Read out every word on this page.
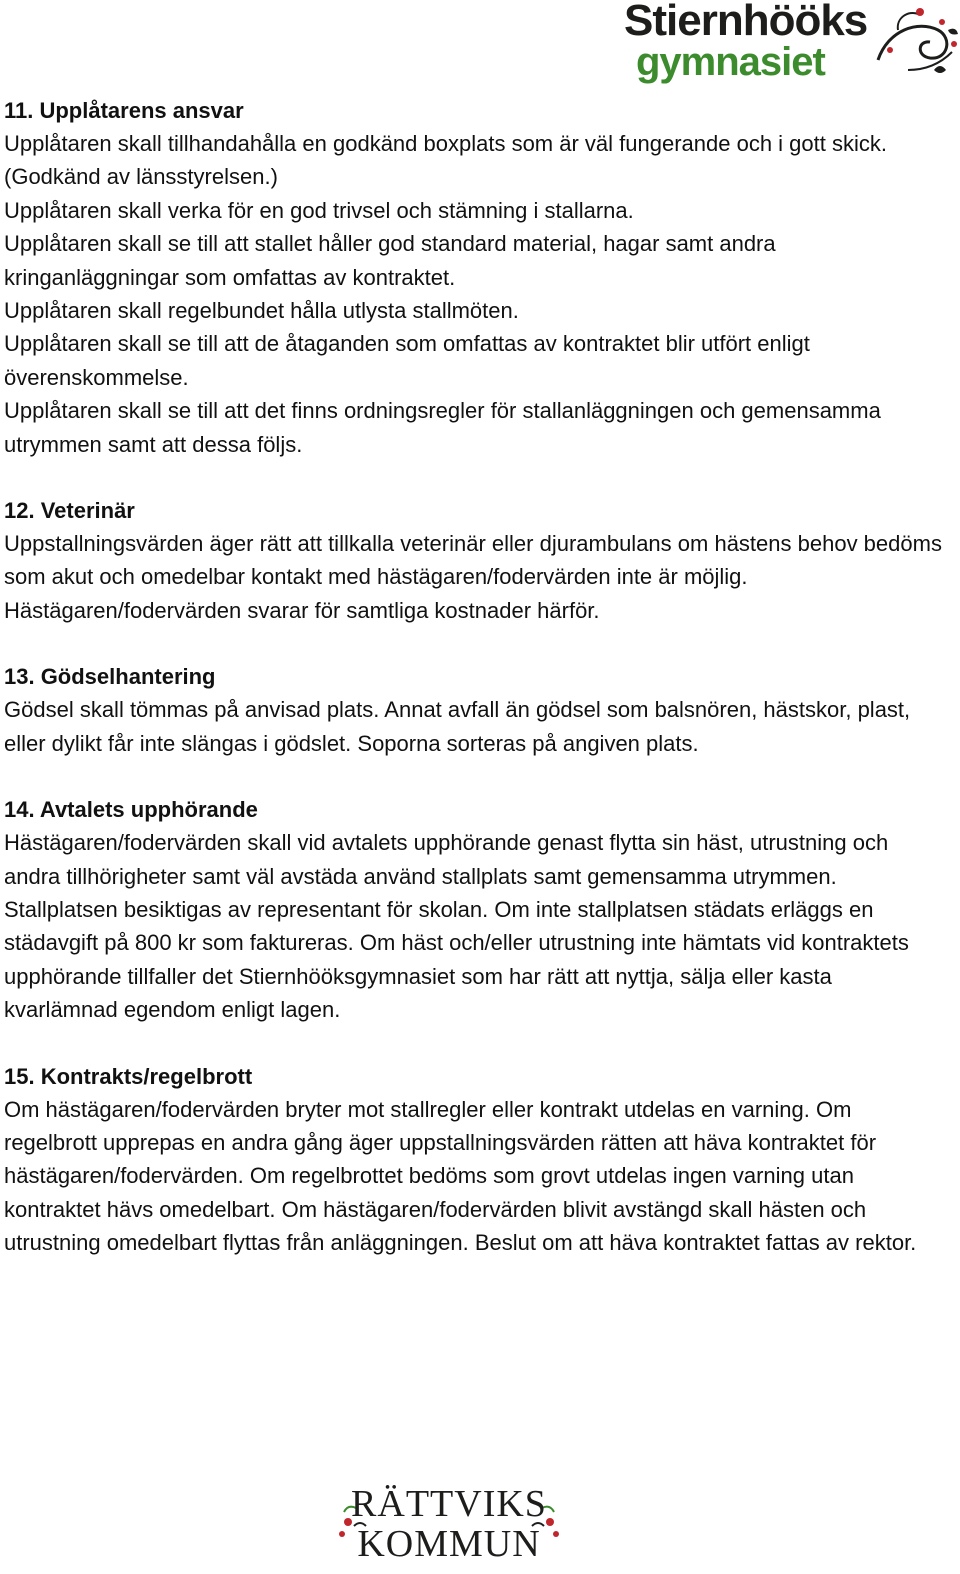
Stiernhööks
gymnasiet

11. Upplåtarens ansvar

Upplåtaren skall tillhandahålla en godkänd boxplats som är väl fungerande och i gott skick. (Godkänd av länsstyrelsen.)

Upplåtaren skall verka för en god trivsel och stämning i stallarna.

Upplåtaren skall se till att stallet håller god standard material, hagar samt andra kringanläggningar som omfattas av kontraktet.

Upplåtaren skall regelbundet hålla utlysta stallmöten.

Upplåtaren skall se till att de åtaganden som omfattas av kontraktet blir utfört enligt överenskommelse.

Upplåtaren skall se till att det finns ordningsregler för stallanläggningen och gemensamma utrymmen samt att dessa följs.

12. Veterinär

Uppstallningsvärden äger rätt att tillkalla veterinär eller djurambulans om hästens behov bedöms som akut och omedelbar kontakt med hästägaren/fodervärden inte är möjlig. Hästägaren/fodervärden svarar för samtliga kostnader härför.

13. Gödselhantering

Gödsel skall tömmas på anvisad plats. Annat avfall än gödsel som balsnören, hästskor, plast, eller dylikt får inte slängas i gödslet. Soporna sorteras på angiven plats.

14. Avtalets upphörande

Hästägaren/fodervärden skall vid avtalets upphörande genast flytta sin häst, utrustning och andra tillhörigheter samt väl avstäda använd stallplats samt gemensamma utrymmen. Stallplatsen besiktigas av representant för skolan. Om inte stallplatsen städats erläggs en städavgift på 800 kr som faktureras. Om häst och/eller utrustning inte hämtats vid kontraktets upphörande tillfaller det Stiernhööksgymnasiet som har rätt att nyttja, sälja eller kasta kvarlämnad egendom enligt lagen.

15. Kontrakts/regelbrott

Om hästägaren/fodervärden bryter mot stallregler eller kontrakt utdelas en varning. Om regelbrott upprepas en andra gång äger uppstallningsvärden rätten att häva kontraktet för hästägaren/fodervärden. Om regelbrottet bedöms som grovt utdelas ingen varning utan kontraktet hävs omedelbart. Om hästägaren/fodervärden blivit avstängd skall hästen och utrustning omedelbart flyttas från anläggningen. Beslut om att häva kontraktet fattas av rektor.

RÄTTVIKS
KOMMUN
